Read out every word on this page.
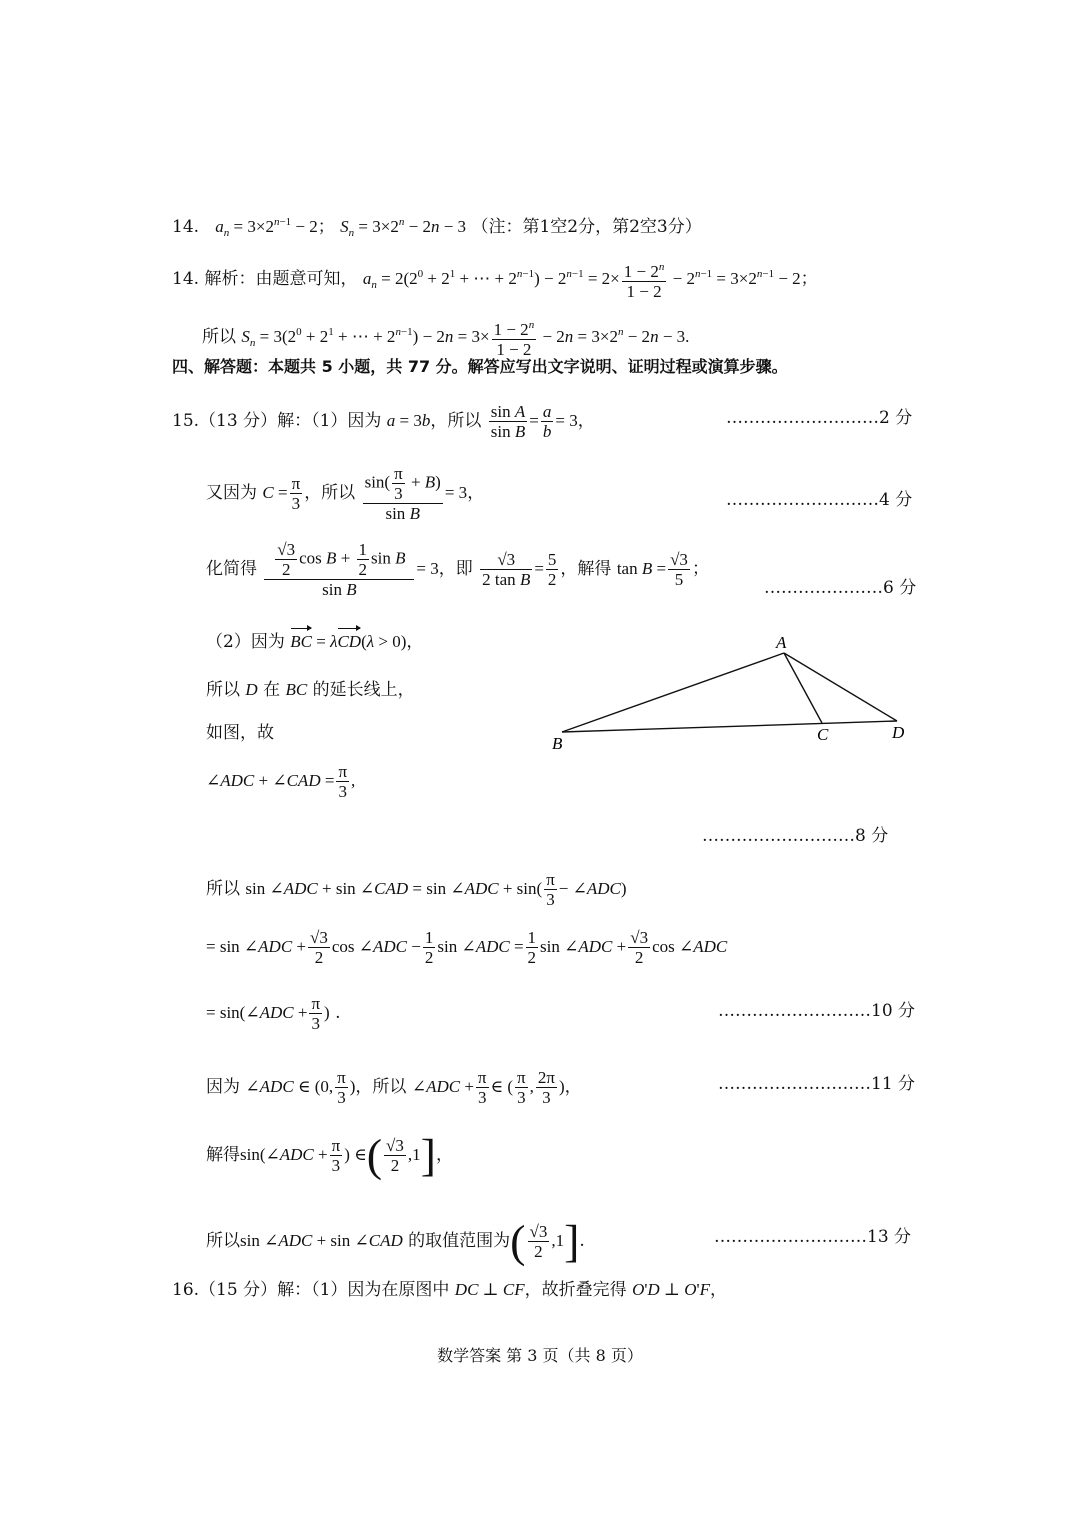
14. $a_n = 3\times 2^{n-1} - 2$； $S_n = 3\times 2^n - 2n - 3$ （注：第1空2分，第2空3分）
14. 解析：由题意可知， $a_n = 2(2^0 + 2^1$ + ⋯ + $2^{n-1}) - 2^{n-1} = 2\times \frac{1 - 2^n}{1 - 2} - 2^{n-1} = 3\times 2^{n-1} - 2$；
所以 $S_n = 3(2^0 + 2^1$ + ⋯ + $2^{n-1}) - 2n = 3\times \frac{1 - 2^n}{1 - 2} - 2n = 3\times 2^n - 2n - 3$.
四、解答题：本题共 5 小题，共 77 分。解答应写出文字说明、证明过程或演算步骤。
15.（13 分）解：（1）因为 a = 3b，所以 $\frac{\text{sin A}}{\text{sin B}} = \frac{a}{b} = 3$，	………………………2 分
又因为 $C = \frac{\pi}{3}$ ，所以 $\frac{\sin( \frac{\pi}{3} + B)}{\text{sin B}} = 3$，	………………………4 分
化简得 $\frac{\frac{√3}{2} \cos B + \frac{1}{2} \sin B}{\text{sin B}} = 3$，即 $\frac{√3}{\text{2 tan B}} = \frac{5}{2}$ ，解得 $\tan B = \frac{√3}{5}$ ；
…………………6 分
（2）因为 BC = λCD(λ > 0)，
所以 D 在 BC 的延长线上，
如图，故
∠ADC + ∠CAD = $\frac{\pi}{3}$ ,
………………………8 分
A
B	C	D
所以 sin ∠ADC + sin ∠CAD = sin ∠ADC + $\sin( \frac{\pi}{3}$ − ∠ADC)
= sin ∠ADC + $\frac{√3}{2}$ cos ∠ADC − $\frac{1}{2}$ sin ∠ADC = $\frac{1}{2}$ sin ∠ADC + $\frac{√3}{2}$ cos ∠ADC
= sin(∠ADC + $\frac{\pi}{3}$ ) .	………………………10 分
因为 ∠ADC ∈ (0, $\frac{\pi}{3}$ )，所以 ∠ADC + $\frac{\pi}{3}$ ∈ ( $\frac{\pi}{3}$ , $\frac{2\pi}{3}$ )，	………………………11 分
解得sin(∠ADC + $\frac{\pi}{3}$ ) ∈( $\frac{√3}{2} ,1$]，
所以sin ∠ADC + sin ∠CAD 的取值范围为( $\frac{√3}{2} ,1$].	………………………13 分
16.（15 分）解：（1）因为在原图中 DC ⊥ CF，故折叠完得 O'D ⊥ O'F，
数学答案 第 3 页（共 8 页）
